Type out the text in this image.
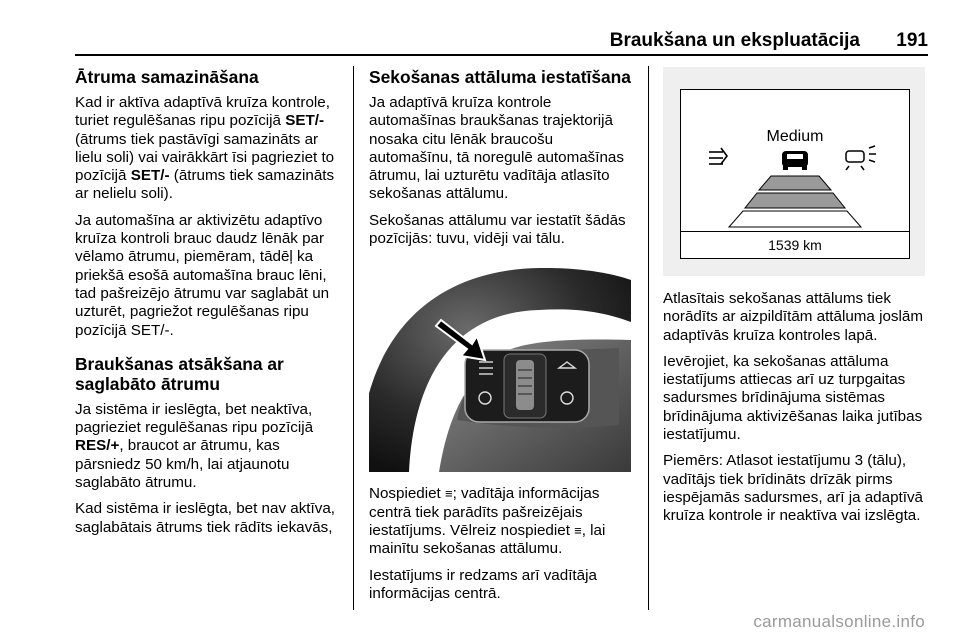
Braukšana un ekspluatācija	191
Ātruma samazināšana

Kad ir aktīva adaptīvā kruīza kontrole, turiet regulēšanas ripu pozīcijā SET/- (ātrums tiek pastāvīgi samazināts ar lielu soli) vai vairākkārt īsi pagrieziet to pozīcijā SET/- (ātrums tiek samazināts ar nelielu soli).

Ja automašīna ar aktivizētu adaptīvo kruīza kontroli brauc daudz lēnāk par vēlamo ātrumu, piemēram, tādēļ ka priekšā esošā automašīna brauc lēni, tad pašreizējo ātrumu var saglabāt un uzturēt, pagriežot regulēšanas ripu pozīcijā SET/-.

Braukšanas atsākšana ar saglabāto ātrumu

Ja sistēma ir ieslēgta, bet neaktīva, pagrieziet regulēšanas ripu pozīcijā RES/+, braucot ar ātrumu, kas pārsniedz 50 km/h, lai atjaunotu saglabāto ātrumu.

Kad sistēma ir ieslēgta, bet nav aktīva, saglabātais ātrums tiek rādīts iekavās,

Sekošanas attāluma iestatīšana

Ja adaptīvā kruīza kontrole automašīnas braukšanas trajektorijā nosaka citu lēnāk braucošu automašīnu, tā noregulē automašīnas ātrumu, lai uzturētu vadītāja atlasīto sekošanas attālumu.

Sekošanas attālumu var iestatīt šādās pozīcijās: tuvu, vidēji vai tālu.

Nospiediet ≡; vadītāja informācijas centrā tiek parādīts pašreizējais iestatījums. Vēlreiz nospiediet ≡, lai mainītu sekošanas attālumu.

Iestatījums ir redzams arī vadītāja informācijas centrā.

Medium
1539 km

Atlasītais sekošanas attālums tiek norādīts ar aizpildītām attāluma joslām adaptīvās kruīza kontroles lapā.

Ievērojiet, ka sekošanas attāluma iestatījums attiecas arī uz turpgaitas sadursmes brīdinājuma sistēmas brīdinājuma aktivizēšanas laika jutības iestatījumu.

Piemērs: Atlasot iestatījumu 3 (tālu), vadītājs tiek brīdināts drīzāk pirms iespējamās sadursmes, arī ja adaptīvā kruīza kontrole ir neaktīva vai izslēgta.

carmanualsonline.info
